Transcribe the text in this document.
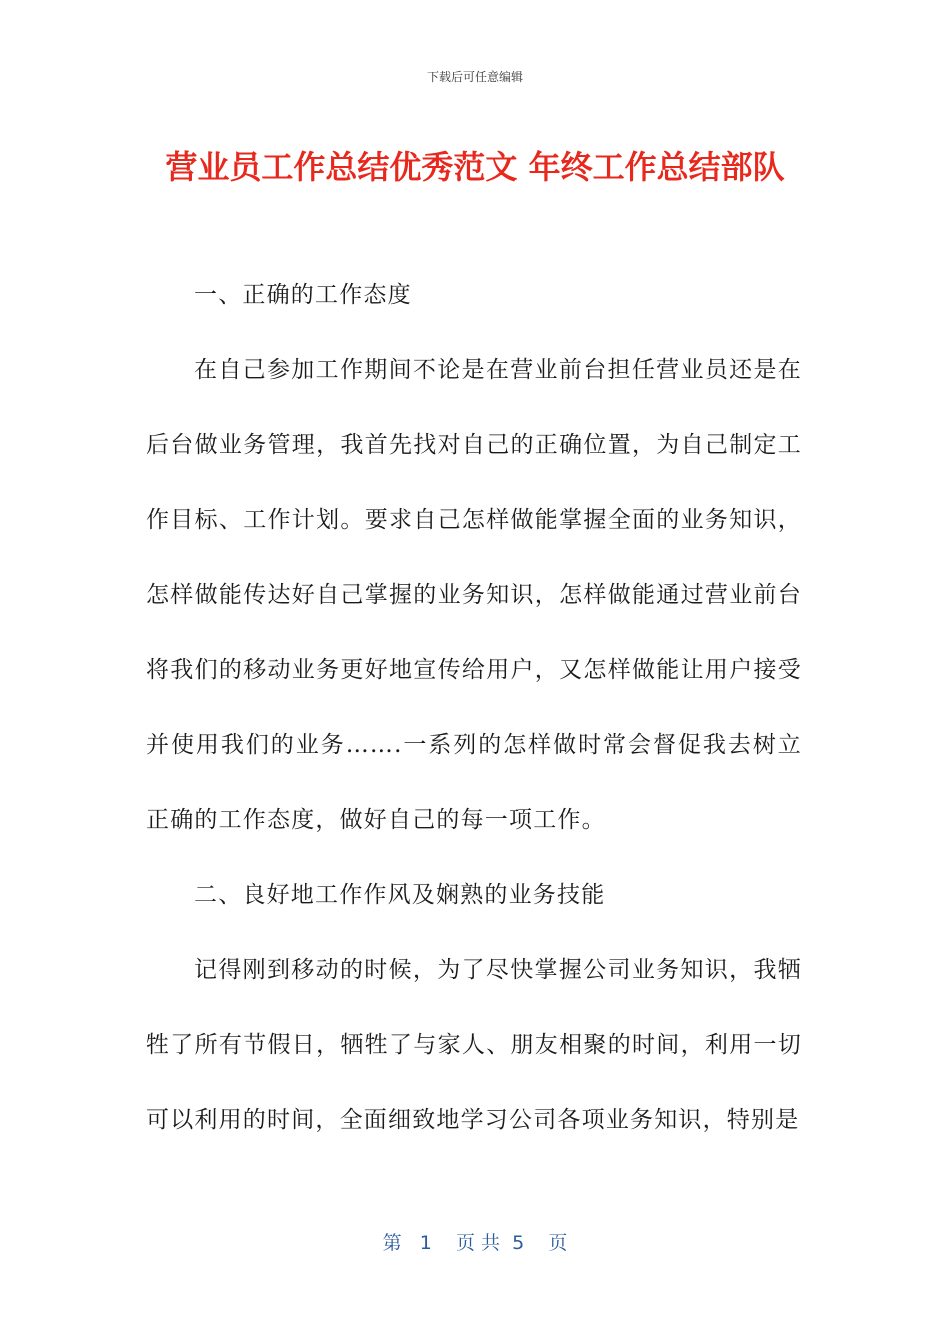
下载后可任意编辑
营业员工作总结优秀范文 年终工作总结部队

一、正确的工作态度

在自己参加工作期间不论是在营业前台担任营业员还是在后台做业务管理，我首先找对自己的正确位置，为自己制定工作目标、工作计划。要求自己怎样做能掌握全面的业务知识，怎样做能传达好自己掌握的业务知识，怎样做能通过营业前台将我们的移动业务更好地宣传给用户，又怎样做能让用户接受并使用我们的业务…….一系列的怎样做时常会督促我去树立正确的工作态度，做好自己的每一项工作。

二、良好地工作作风及娴熟的业务技能

记得刚到移动的时候，为了尽快掌握公司业务知识，我牺牲了所有节假日，牺牲了与家人、朋友相聚的时间，利用一切可以利用的时间，全面细致地学习公司各项业务知识，特别是

第   1    页 共  5    页
